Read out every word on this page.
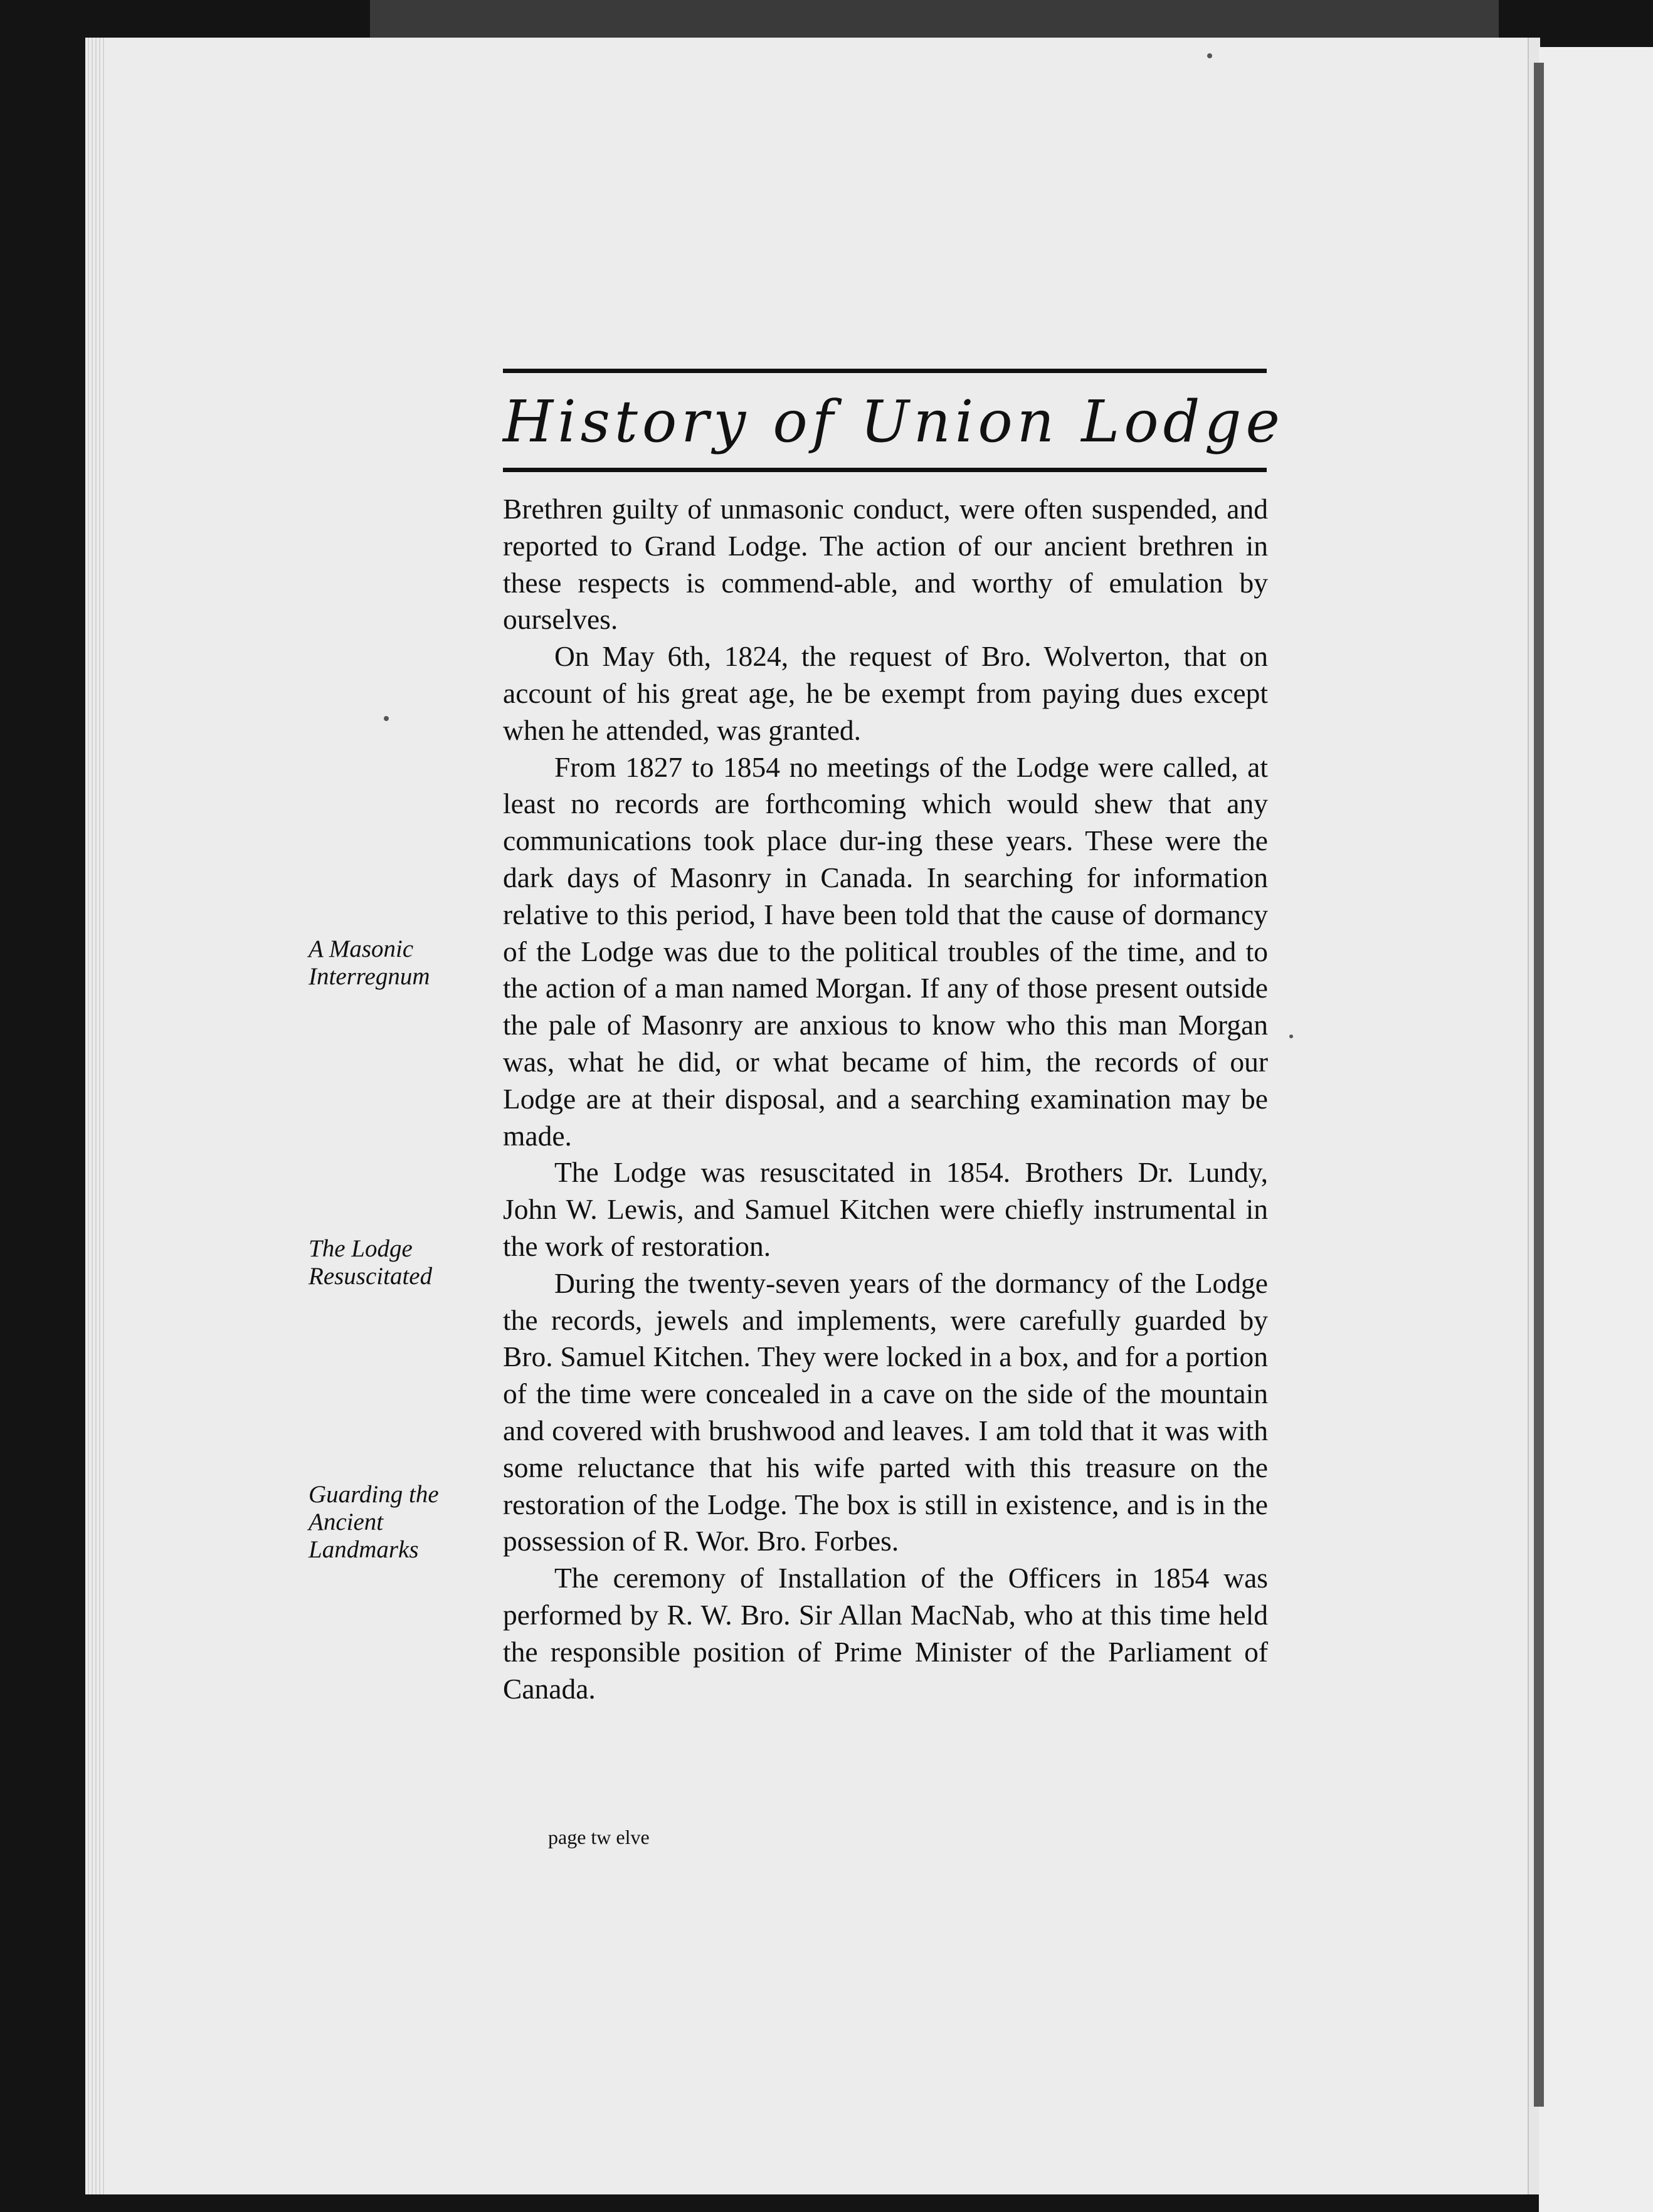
History of Union Lodge

Brethren guilty of unmasonic conduct, were often suspended, and reported to Grand Lodge. The action of our ancient brethren in these respects is commend-able, and worthy of emulation by ourselves.

On May 6th, 1824, the request of Bro. Wolverton, that on account of his great age, he be exempt from paying dues except when he attended, was granted.

From 1827 to 1854 no meetings of the Lodge were called, at least no records are forthcoming which would shew that any communications took place dur-ing these years. These were the dark days of Masonry in Canada. In searching for information relative to this period, I have been told that the cause of dormancy of the Lodge was due to the political troubles of the time, and to the action of a man named Morgan. If any of those present outside the pale of Masonry are anxious to know who this man Morgan was, what he did, or what became of him, the records of our Lodge are at their disposal, and a searching examination may be made.

The Lodge was resuscitated in 1854. Brothers Dr. Lundy, John W. Lewis, and Samuel Kitchen were chiefly instrumental in the work of restoration.

During the twenty-seven years of the dormancy of the Lodge the records, jewels and implements, were carefully guarded by Bro. Samuel Kitchen. They were locked in a box, and for a portion of the time were concealed in a cave on the side of the mountain and covered with brushwood and leaves. I am told that it was with some reluctance that his wife parted with this treasure on the restoration of the Lodge. The box is still in existence, and is in the possession of R. Wor. Bro. Forbes.

The ceremony of Installation of the Officers in 1854 was performed by R. W. Bro. Sir Allan MacNab, who at this time held the responsible position of Prime Minister of the Parliament of Canada.

A Masonic
Interregnum
The Lodge
Resuscitated
Guarding the
Ancient
Landmarks
page tw elve
